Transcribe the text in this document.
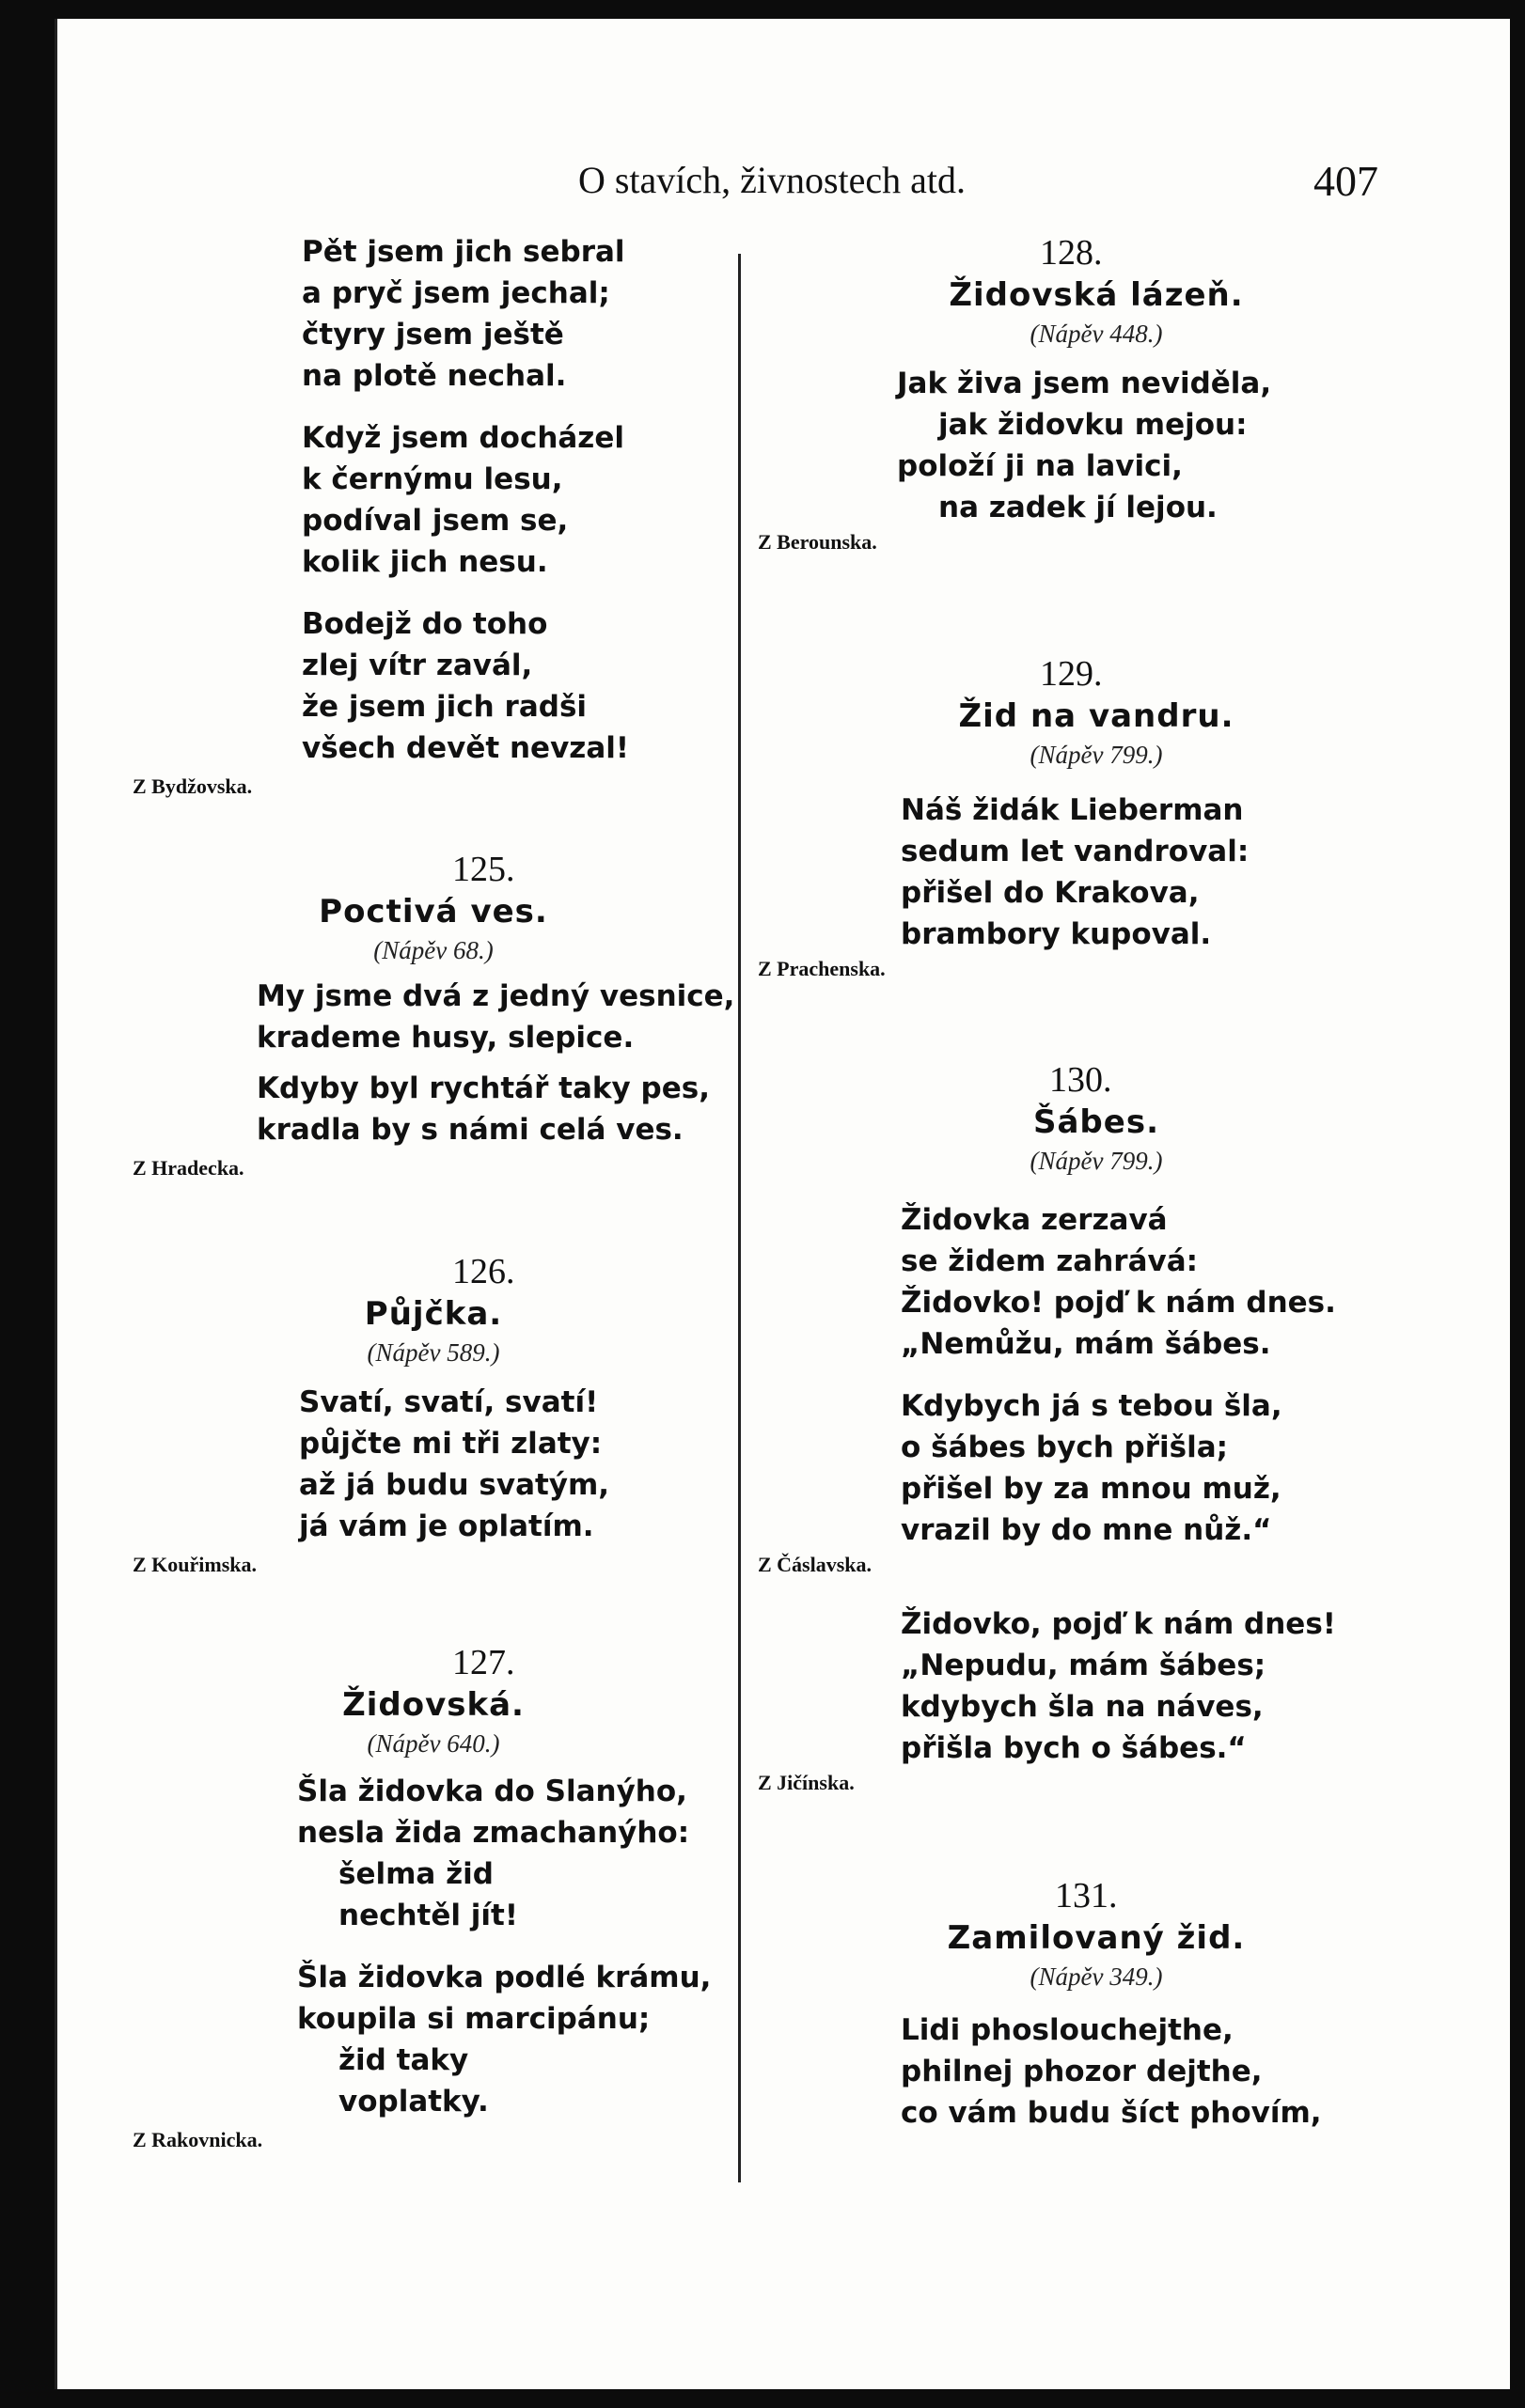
O stavích, živnostech atd.	407
Pět jsem jich sebral
a pryč jsem jechal;
čtyry jsem ještě
na plotě nechal.
Když jsem docházel
k černýmu lesu,
podíval jsem se,
kolik jich nesu.
Bodejž do toho
zlej vítr zavál,
že jsem jich radši
všech devět nevzal!
Z Bydžovska.
125.
Poctivá ves.
(Nápěv 68.)
My jsme dvá z jedný vesnice,
krademe husy, slepice.
Kdyby byl rychtář taky pes,
kradla by s námi celá ves.
Z Hradecka.
126.
Půjčka.
(Nápěv 589.)
Svatí, svatí, svatí!
půjčte mi tři zlaty:
až já budu svatým,
já vám je oplatím.
Z Kouřimska.
127.
Židovská.
(Nápěv 640.)
Šla židovka do Slanýho,
nesla žida zmachanýho:
šelma žid
nechtěl jít!
Šla židovka podlé krámu,
koupila si marcipánu;
žid taky
voplatky.
Z Rakovnicka.
128.
Židovská lázeň.
(Nápěv 448.)
Jak živa jsem neviděla,
jak židovku mejou:
položí ji na lavici,
na zadek jí lejou.
Z Berounska.
129.
Žid na vandru.
(Nápěv 799.)
Náš židák Lieberman
sedum let vandroval:
přišel do Krakova,
brambory kupoval.
Z Prachenska.
130.
Šábes.
(Nápěv 799.)
Židovka zerzavá
se židem zahrává:
Židovko! pojď k nám dnes.
„Nemůžu, mám šábes.
Kdybych já s tebou šla,
o šábes bych přišla;
přišel by za mnou muž,
vrazil by do mne nůž.“
Z Čáslavska.
Židovko, pojď k nám dnes!
„Nepudu, mám šábes;
kdybych šla na náves,
přišla bych o šábes.“
Z Jičínska.
131.
Zamilovaný žid.
(Nápěv 349.)
Lidi phoslouchejthe,
philnej phozor dejthe,
co vám budu šíct phovím,
